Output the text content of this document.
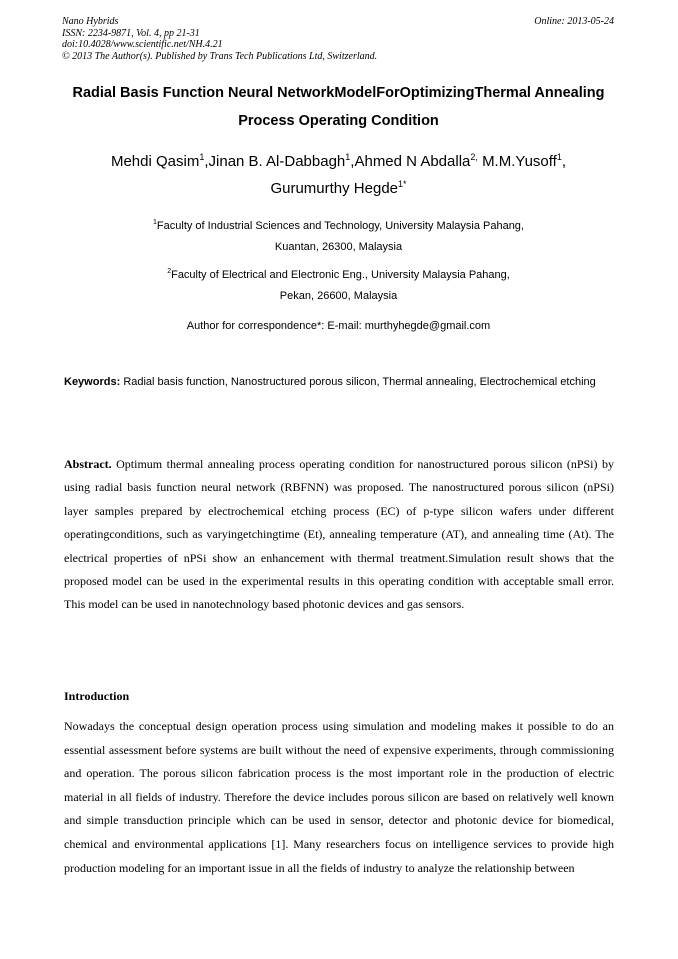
Nano Hybrids
ISSN: 2234-9871, Vol. 4, pp 21-31
doi:10.4028/www.scientific.net/NH.4.21
© 2013 The Author(s). Published by Trans Tech Publications Ltd, Switzerland.
Online: 2013-05-24
Radial Basis Function Neural NetworkModelForOptimizingThermal Annealing Process Operating Condition
Mehdi Qasim$^1$,Jinan B. Al-Dabbagh$^1$,Ahmed N Abdalla$^{2,}$ M.M.Yusoff$^1$,
Gurumurthy Hegde$^{1*}$
$^1$Faculty of Industrial Sciences and Technology, University Malaysia Pahang,
Kuantan, 26300, Malaysia
$^2$Faculty of Electrical and Electronic Eng., University Malaysia Pahang,
Pekan, 26600, Malaysia
Author for correspondence*: E-mail: murthyhegde@gmail.com
Keywords: Radial basis function, Nanostructured porous silicon, Thermal annealing, Electrochemical etching
Abstract. Optimum thermal annealing process operating condition for nanostructured porous silicon (nPSi) by using radial basis function neural network (RBFNN) was proposed. The nanostructured porous silicon (nPSi) layer samples prepared by electrochemical etching process (EC) of p-type silicon wafers under different operatingconditions, such as varyingetchingtime (Et), annealing temperature (AT), and annealing time (At). The electrical properties of nPSi show an enhancement with thermal treatment.Simulation result shows that the proposed model can be used in the experimental results in this operating condition with acceptable small error. This model can be used in nanotechnology based photonic devices and gas sensors.
Introduction
Nowadays the conceptual design operation process using simulation and modeling makes it possible to do an essential assessment before systems are built without the need of expensive experiments, through commissioning and operation. The porous silicon fabrication process is the most important role in the production of electric material in all fields of industry. Therefore the device includes porous silicon are based on relatively well known and simple transduction principle which can be used in sensor, detector and photonic device for biomedical, chemical and environmental applications [1]. Many researchers focus on intelligence services to provide high production modeling for an important issue in all the fields of industry to analyze the relationship between
